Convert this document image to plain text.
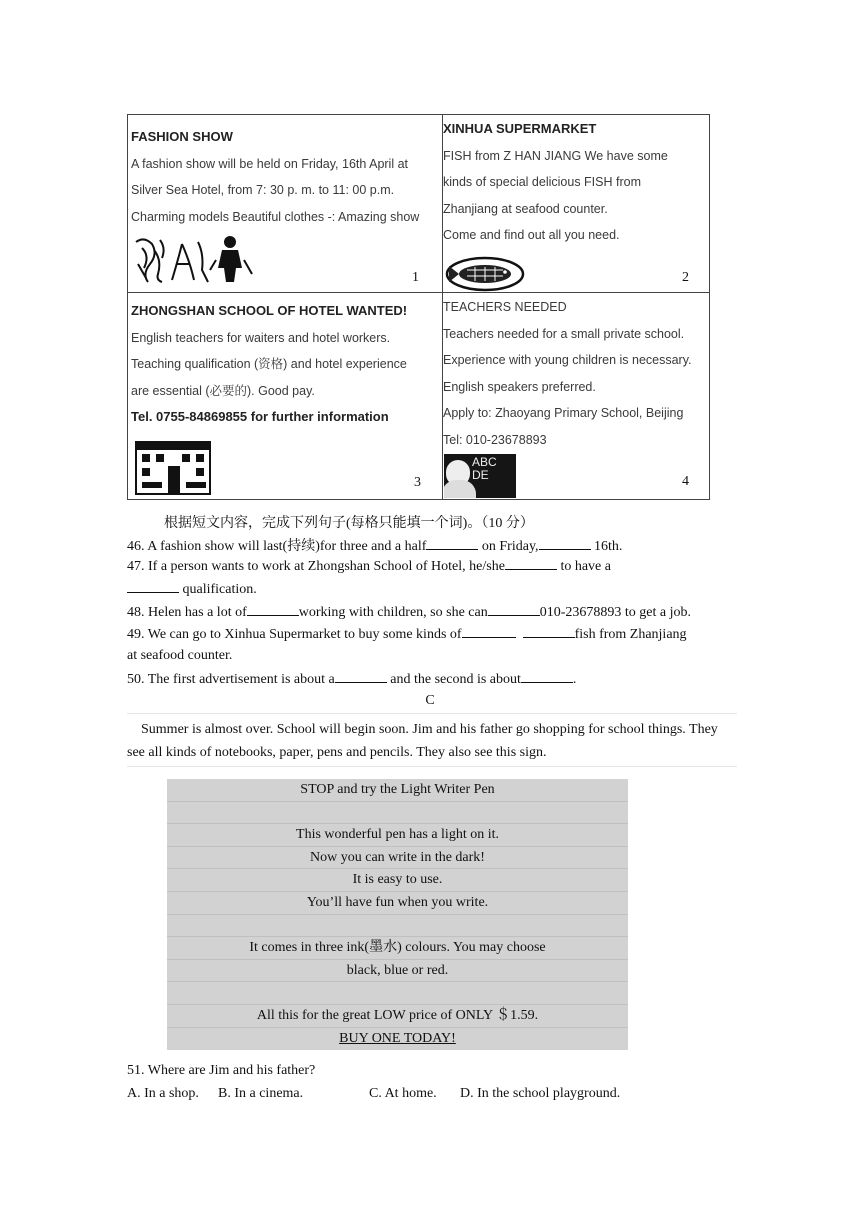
FASHION SHOW
A fashion show will be held on Friday, 16th April at
Silver Sea Hotel, from 7: 30 p. m. to 11: 00 p.m.
Charming models Beautiful clothes -: Amazing show
1
XINHUA SUPERMARKET
FISH from Z HAN JIANG We have some
kinds of special delicious FISH from
Zhanjiang at seafood counter.
Come and find out all you need.
2
ZHONGSHAN SCHOOL OF HOTEL WANTED!
English teachers for waiters and hotel workers.
Teaching qualification (资格) and hotel experience
are essential (必要的). Good pay.
Tel. 0755-84869855 for further information
3
TEACHERS NEEDED
Teachers needed for a small private school.
Experience with young children is necessary.
English speakers preferred.
Apply to: Zhaoyang Primary School, Beijing
Tel: 010-23678893
ABC DE	4
根据短文内容，完成下列句子(每格只能填一个词)。（10 分）
46. A fashion show will last(持续)for three and a half	on Friday,	16th.
47. If a person wants to work at Zhongshan School of Hotel, he/she	to have a
qualification.
48. Helen has a lot of	working with children, so she can	010-23678893 to get a job.
49. We can go to Xinhua Supermarket to buy some kinds of	fish from Zhanjiang
at seafood counter.
50. The first advertisement is about a	and the second is about	.
C
Summer is almost over. School will begin soon. Jim and his father go shopping for school things. They see all kinds of notebooks, paper, pens and pencils. They also see this sign.
STOP and try the Light Writer Pen
This wonderful pen has a light on it.
Now you can write in the dark!
It is easy to use.
You’ll have fun when you write.
It comes in three ink(墨水) colours. You may choose
black, blue or red.
All this for the great LOW price of ONLY ＄1.59.
BUY ONE TODAY!
51. Where are Jim and his father?
A. In a shop. B. In a cinema.	C. At home. D. In the school playground.
